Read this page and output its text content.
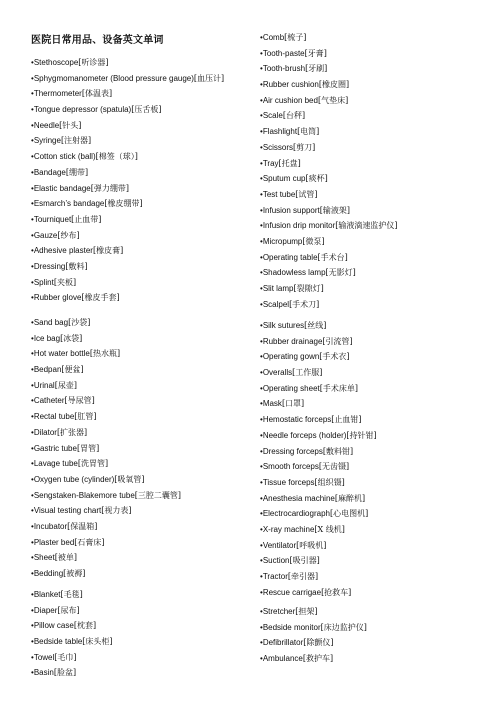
医院日常用品、设备英文单词
•Stethoscope[听诊器]
•Sphygmomanometer (Blood pressure gauge)[血压计]
•Thermometer[体温表]
•Tongue depressor (spatula)[压舌板]
•Needle[针头]
•Syringe[注射器]
•Cotton stick (ball)[棉签（球）]
•Bandage[绷带]
•Elastic bandage[弹力绷带]
•Esmarch’s bandage[橡皮绷带]
•Tourniquet[止血带]
•Gauze[纱布]
•Adhesive plaster[橡皮膏]
•Dressing[敷料]
•Splint[夹板]
•Rubber glove[橡皮手套]
•Sand bag[沙袋]
•Ice bag[冰袋]
•Hot water bottle[热水瓶]
•Bedpan[便盆]
•Urinal[尿壶]
•Catheter[导尿管]
•Rectal tube[肛管]
•Dilator[扩张器]
•Gastric tube[胃管]
•Lavage tube[洗胃管]
•Oxygen tube (cylinder)[吸氧管]
•Sengstaken-Blakemore tube[三腔二囊管]
•Visual testing chart[视力表]
•Incubator[保温箱]
•Plaster bed[石膏床]
•Sheet[被单]
•Bedding[被褥]
•Blanket[毛毯]
•Diaper[尿布]
•Pillow case[枕套]
•Bedside table[床头柜]
•Towel[毛巾]
•Basin[脸盆]
•Comb[梳子]
•Tooth-paste[牙膏]
•Tooth-brush[牙刷]
•Rubber cushion[橡皮圈]
•Air cushion bed[气垫床]
•Scale[台秤]
•Flashlight[电筒]
•Scissors[剪刀]
•Tray[托盘]
•Sputum cup[痰杯]
•Test tube[试管]
•Infusion support[输液架]
•Infusion drip monitor[输液滴速监护仪]
•Micropump[微泵]
•Operating table[手术台]
•Shadowless lamp[无影灯]
•Slit lamp[裂隙灯]
•Scalpel[手术刀]
•Silk sutures[丝线]
•Rubber drainage[引流管]
•Operating gown[手术衣]
•Overalls[工作服]
•Operating sheet[手术床单]
•Mask[口罩]
•Hemostatic forceps[止血钳]
•Needle forceps (holder)[持针钳]
•Dressing forceps[敷料钳]
•Smooth forceps[无齿镊]
•Tissue forceps[组织镊]
•Anesthesia machine[麻醉机]
•Electrocardiograph[心电图机]
•X-ray machine[X 线机]
•Ventilator[呼吸机]
•Suction[吸引器]
•Tractor[牵引器]
•Rescue carrigae[抢救车]
•Stretcher[担架]
•Bedside monitor[床边监护仪]
•Defibrillator[除颤仪]
•Ambulance[救护车]
